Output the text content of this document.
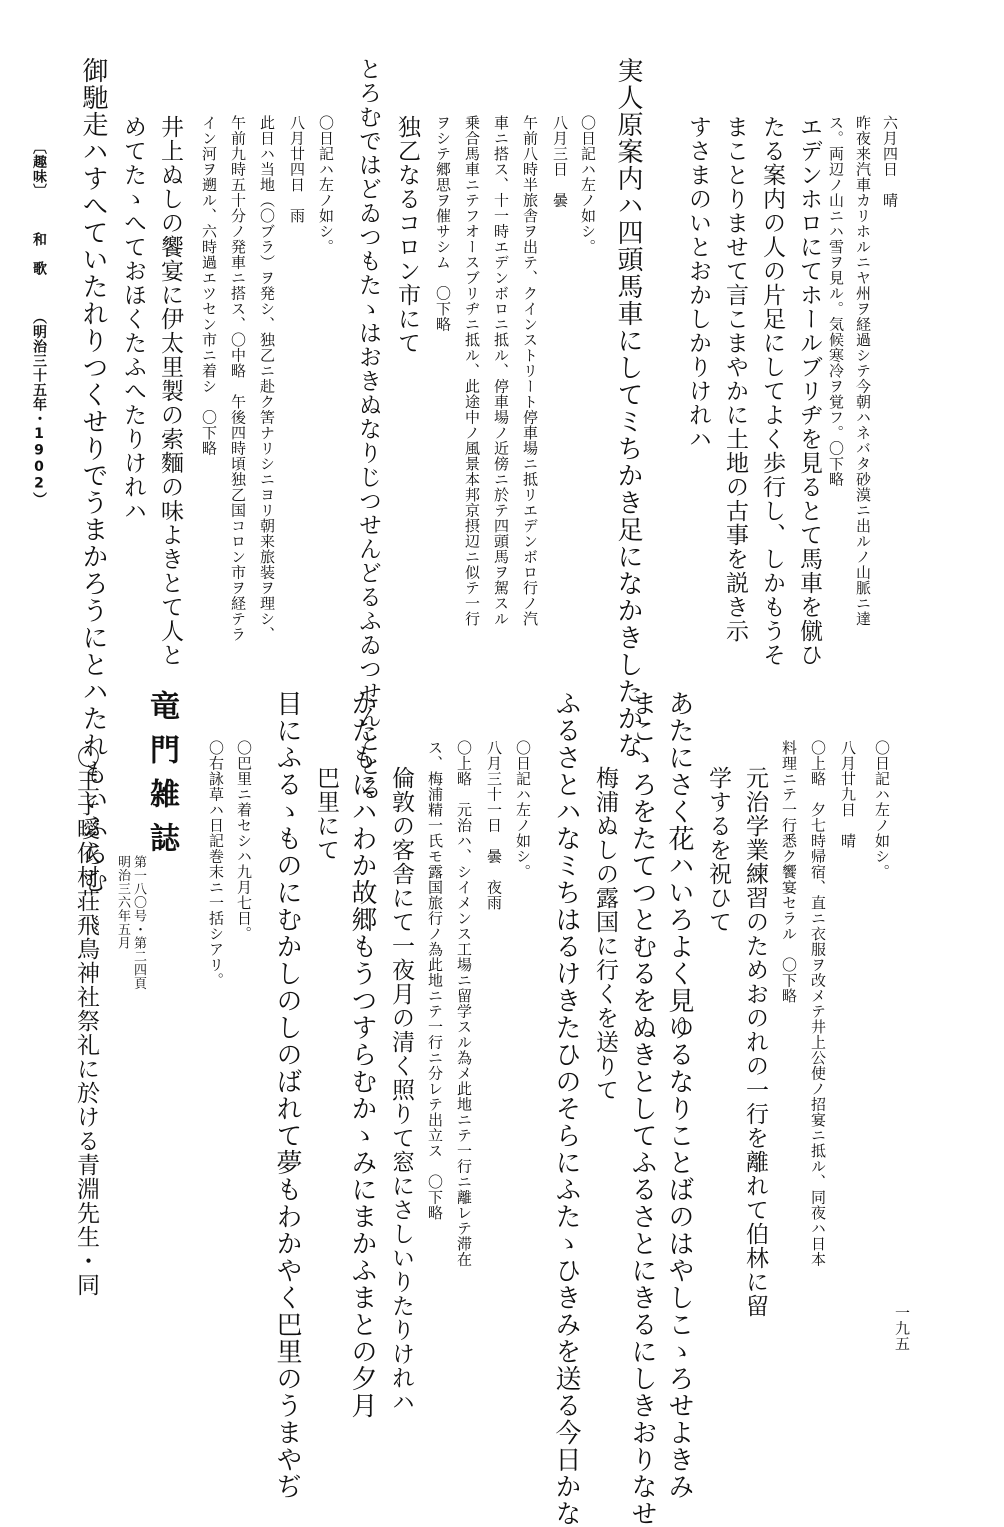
六月四日　晴
昨夜来汽車カリホルニヤ州ヲ経過シテ今朝ハネバタ砂漠ニ出ルノ山脈ニ達
ス。両辺ノ山ニハ雪ヲ見ル。気候寒冷ヲ覚フ。〇下略
エデンホロにてホールブリヂを見るとて馬車を僦ひ
たる案内の人の片足にしてよく歩行し、しかもうそ
まことりませて言こまやかに土地の古事を説き示
すさまのいとおかしかりけれハ
実人原案内ハ四頭馬車にしてミちかき足になかきしたかな
〇日記ハ左ノ如シ。
八月三日　曇
午前八時半旅舎ヲ出テ、クインストリート停車場ニ抵リエデンボロ行ノ汽
車ニ搭ス、十一時エデンボロニ抵ル、停車場ノ近傍ニ於テ四頭馬ヲ駕スル
乗合馬車ニテフオースブリヂニ抵ル、此途中ノ風景本邦京摂辺ニ似テ一行
ヲシテ郷思ヲ催サシム　〇下略
独乙なるコロン市にて
とろむではどゐつもたゝはおきぬなりじつせんどるふゐつせんととる
〇日記ハ左ノ如シ。
八月廿四日　雨
此日ハ当地（〇ブラ）ヲ発シ、独乙ニ赴ク筈ナリシニヨリ朝来旅装ヲ理シ、
午前九時五十分ノ発車ニ搭ス、〇中略　午後四時頃独乙国コロン市ヲ経テラ
イン河ヲ遡ル、六時過エツセン市ニ着シ　〇下略
井上ぬしの饗宴に伊太里製の索麵の味よきとて人と
めてたゝへておほくたふへたりけれハ
御馳走ハすへていたれりつくせりでうまかろうにとハたれもいふらむ
〔趣味〕
和　歌
（明治三十五年・1902）
〇日記ハ左ノ如シ。
八月廿九日　晴
〇上略　夕七時帰宿、直ニ衣服ヲ改メテ井上公使ノ招宴ニ抵ル、同夜ハ日本
料理ニテ一行悉ク饗宴セラル　〇下略
元治学業練習のためおのれの一行を離れて伯林に留
学するを祝ひて
あたにさく花ハいろよく見ゆるなりことばのはやしこゝろせよきみ
まこゝろをたてつとむるをぬきとしてふるさとにきるにしきおりなせ
梅浦ぬしの露国に行くを送りて
ふるさとハなミちはるけきたひのそらにふたゝひきみを送る今日かな
〇日記ハ左ノ如シ。
八月三十一日　曇　夜雨
〇上略　元治ハ、シイメンス工場ニ留学スル為メ此地ニテ一行ニ離レテ滞在
ス、梅浦精一氏モ露国旅行ノ為此地ニテ一行ニ分レテ出立ス　〇下略
倫敦の客舎にて一夜月の清く照りて窓にさしいりたりけれハ
かたもにハわか故郷もうつすらむかゝみにまかふまとの夕月
巴里にて
目にふるゝものにむかしのしのばれて夢もわかやく巴里のうまやぢ
〇巴里ニ着セシハ九月七日。
〇右詠草ハ日記巻末ニ一括シアリ。
竜門雑誌
第一八〇号・第二四頁
明治三六年五月
〇王子曖依村荘飛鳥神社祭礼に於ける青淵先生・同
一九五
